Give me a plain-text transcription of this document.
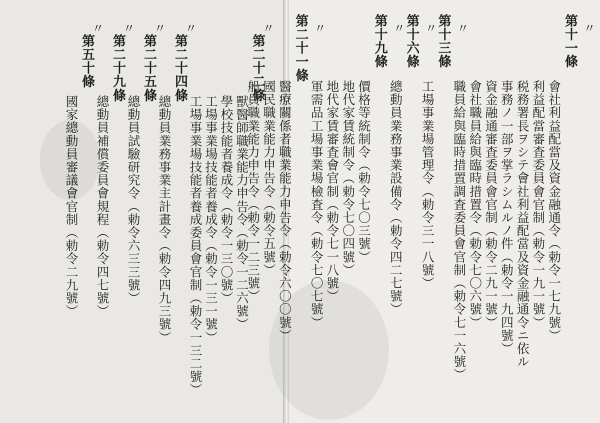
〃
第二十二條
獸醫師職業能力申告令（勅令一二六號）
學校技能者養成令（勅令一三〇號）
工場事業場技能者養成令（勅令一三一號）
工場事業場技能者養成委員會官制（勅令一三二號）
〃
第二十四條
總動員業務事業主計畫令（勅令四九三號）
〃
第二十五條
總動員試驗研究令（勅令六三三號）
〃
第二十九條
總動員補償委員會規程（勅令四七號）
〃
第五十條
國家總動員審議會官制（勅令二九號）
〃
第十一條
會社利益配當及資金融通令（勅令一七九號）
利益配當審査委員會官制（勅令一九一號）
税務署長ヲシテ會社利益配當及資金融通令ニ依ル
事務ノ一部ヲ掌ラシムルノ件（勅令一九四號）
資金融通審査委員會官制（勅令二九一號）
會社職員給與臨時措置令（勅令七〇六號）
職員給與臨時措置調査委員會官制（勅令七一六號）
〃
第十三條
工場事業場管理令（勅令三一八號）
〃
第十六條
總動員業務事業設備令（勅令四二七號）
〃
第十九條
價格等統制令（勅令七〇三號）
地代家賃統制令（勅令七〇四號）
地代家賃審査會官制（勅令七一八號）
軍需品工場事業場檢査令（勅令七〇七號）
〃
第二十一條
醫療關係者職業能力申告令（勅令六〇〇號）
國民職業能力申告令（勅令五號）
船員職業能力申告令（勅令一二三號）
